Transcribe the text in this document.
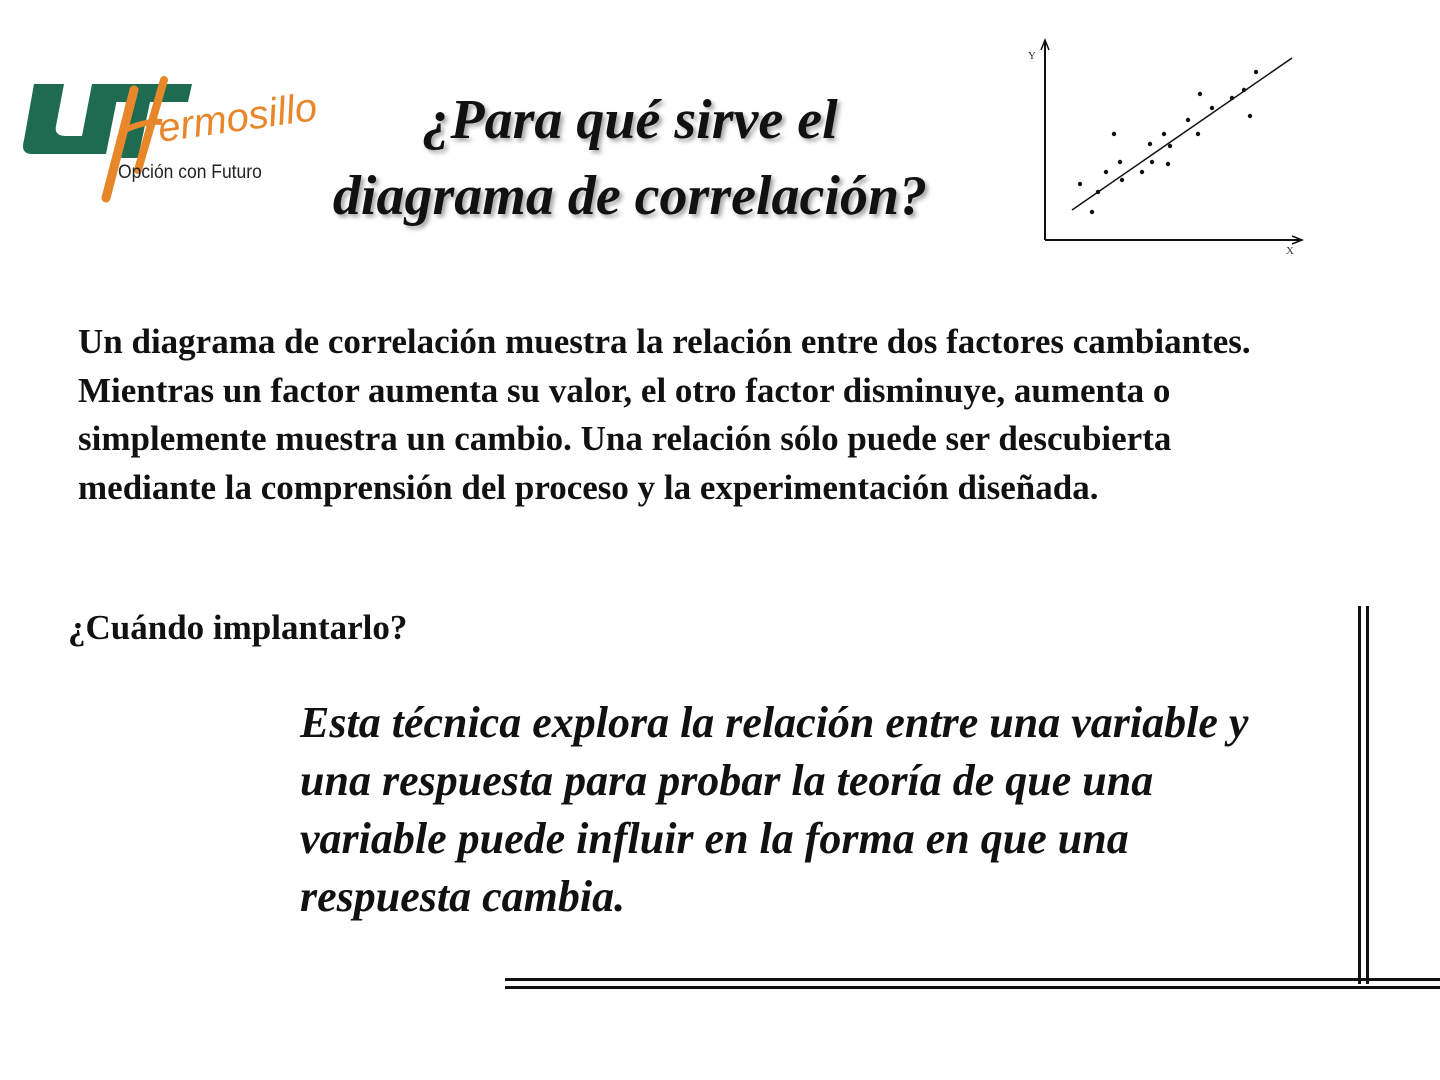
ermosillo
Opción con Futuro
¿Para qué sirve el
diagrama de correlación?
Y
X

Un diagrama de correlación muestra la relación entre dos factores cambiantes. Mientras un factor aumenta su valor, el otro factor disminuye, aumenta o simplemente muestra un cambio. Una relación sólo puede ser descubierta mediante la comprensión del proceso y la experimentación diseñada.

¿Cuándo implantarlo?

Esta técnica explora la relación entre una variable y una respuesta para probar la teoría de que una variable puede influir en la forma en que una respuesta cambia.
